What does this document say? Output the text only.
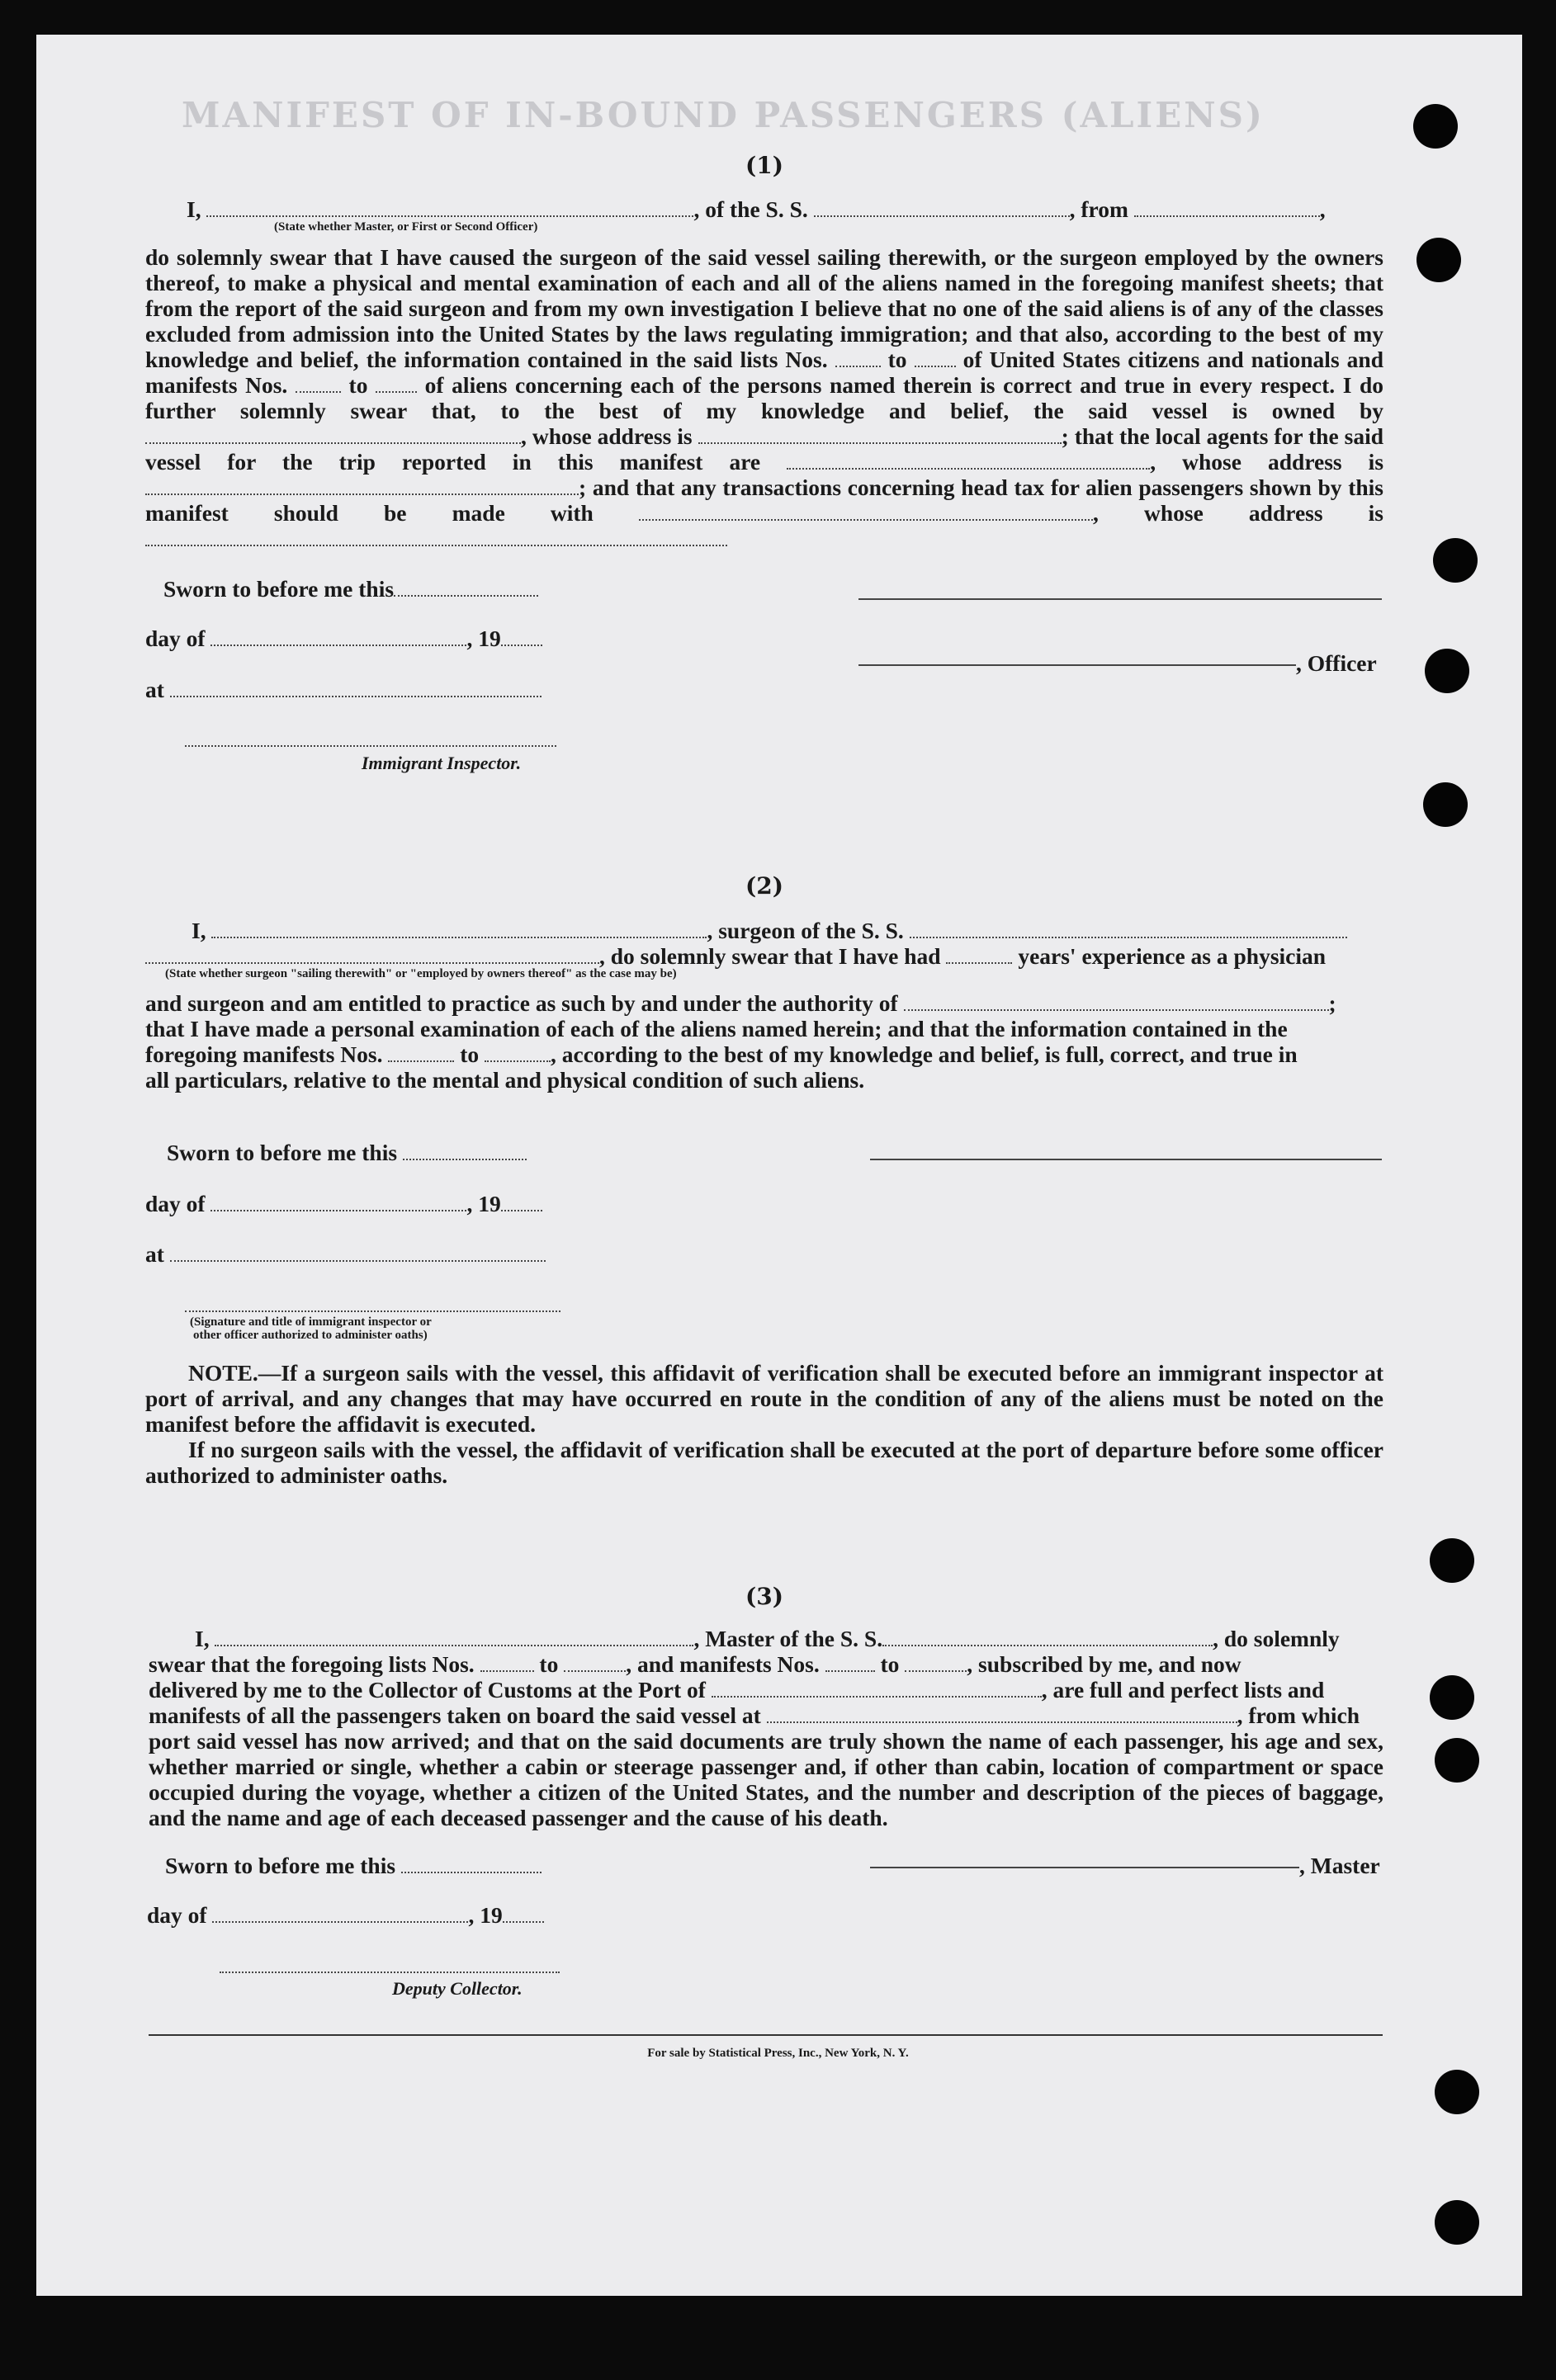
MANIFEST OF IN-BOUND PASSENGERS (ALIENS)
(1)
I,	, of the S. S.	, from	,
(State whether Master, or First or Second Officer)
do solemnly swear that I have caused the surgeon of the said vessel sailing therewith, or the surgeon employed by the owners thereof, to make a physical and mental examination of each and all of the aliens named in the foregoing manifest sheets; that from the report of the said surgeon and from my own investigation I believe that no one of the said aliens is of any of the classes excluded from admission into the United States by the laws regulating immigration; and that also, according to the best of my knowledge and belief, the information contained in the said lists Nos.	to of United States citizens and nationals and manifests Nos.	to	of aliens concerning each of the persons named therein is correct and true in every respect. I do further solemnly swear that, to the best of my knowledge and belief, the said vessel is owned by , whose address is	; that the local agents for the said vessel for the trip reported in this manifest are	, whose address is ; and that any transactions concerning head tax for alien passengers shown by this manifest should be made with	, whose address is
Sworn to before me this
day of	, 19
at
Immigrant Inspector.
, Officer
(2)
I,	, surgeon of the S. S.
, do solemnly swear that I have had	years' experience as a physician
(State whether surgeon "sailing therewith" or "employed by owners thereof" as the case may be)
and surgeon and am entitled to practice as such by and under the authority of	;
that I have made a personal examination of each of the aliens named herein; and that the information contained in the
foregoing manifests Nos.	to	, according to the best of my knowledge and belief, is full, correct, and true in
all particulars, relative to the mental and physical condition of such aliens.
Sworn to before me this
day of	, 19
at
(Signature and title of immigrant inspector or
other officer authorized to administer oaths)
NOTE.—If a surgeon sails with the vessel, this affidavit of verification shall be executed before an immigrant inspector at port of arrival, and any changes that may have occurred en route in the condition of any of the aliens must be noted on the manifest before the affidavit is executed.
If no surgeon sails with the vessel, the affidavit of verification shall be executed at the port of departure before some officer authorized to administer oaths.
(3)
I,	, Master of the S. S.	, do solemnly
swear that the foregoing lists Nos.	to	, and manifests Nos.	to	, subscribed by me, and now
delivered by me to the Collector of Customs at the Port of	, are full and perfect lists and
manifests of all the passengers taken on board the said vessel at	, from which
port said vessel has now arrived; and that on the said documents are truly shown the name of each passenger, his age and sex, whether married or single, whether a cabin or steerage passenger and, if other than cabin, location of compartment or space occupied during the voyage, whether a citizen of the United States, and the number and description of the pieces of baggage, and the name and age of each deceased passenger and the cause of his death.
Sworn to before me this	, Master
day of	, 19
Deputy Collector.
For sale by Statistical Press, Inc., New York, N. Y.
